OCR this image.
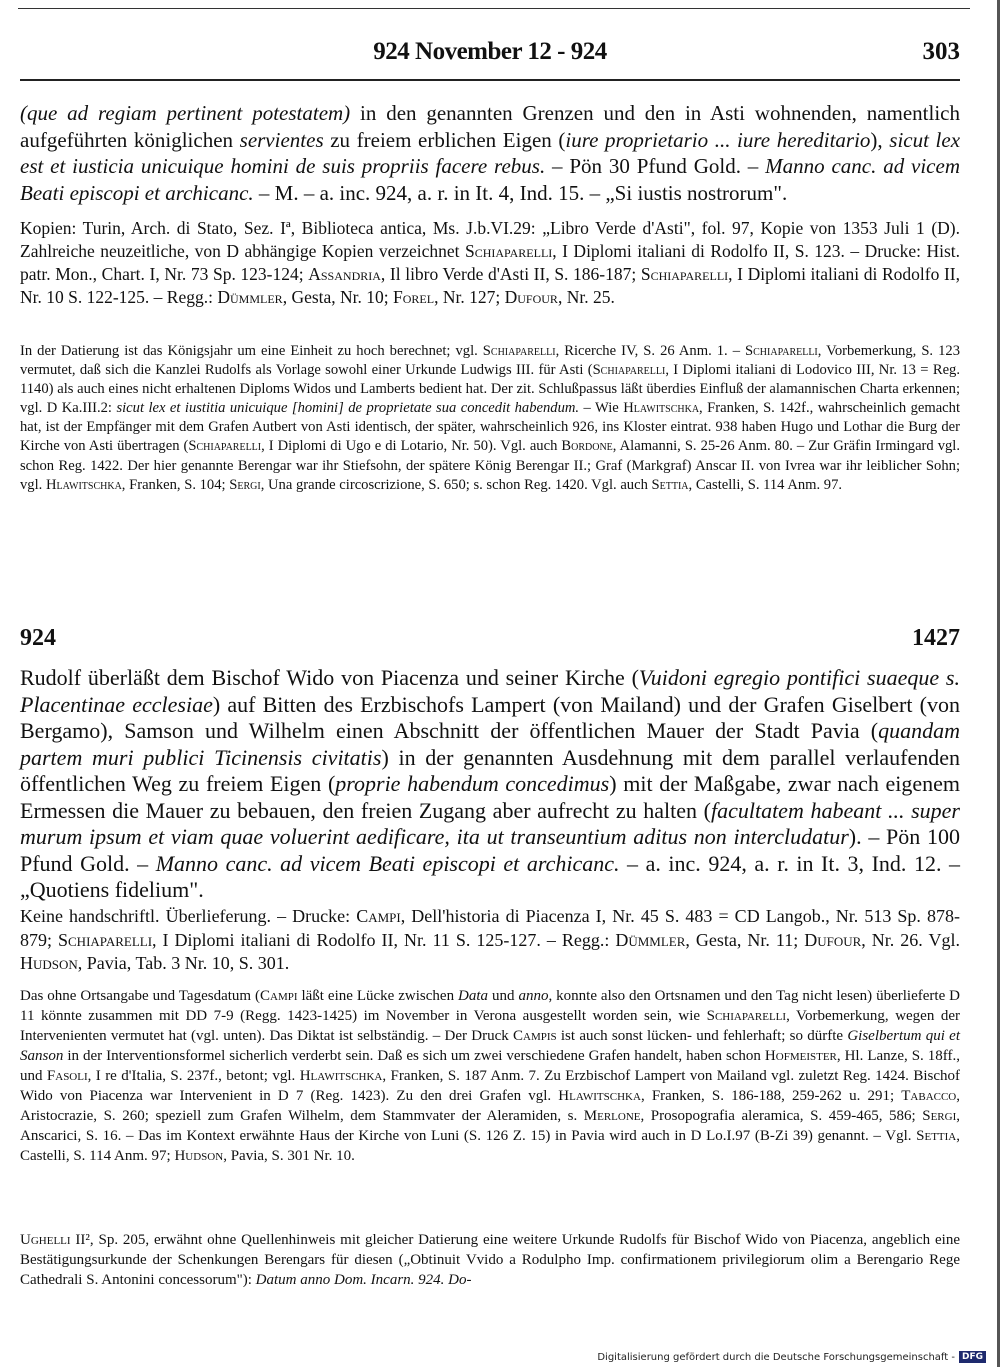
924 November 12 - 924	303

(que ad regiam pertinent potestatem) in den genannten Grenzen und den in Asti wohnenden, namentlich aufgeführten königlichen servientes zu freiem erblichen Eigen (iure proprietario ... iure hereditario), sicut lex est et iusticia unicuique homini de suis propriis facere rebus. – Pön 30 Pfund Gold. – Manno canc. ad vicem Beati episcopi et archicanc. – M. – a. inc. 924, a. r. in It. 4, Ind. 15. – „Si iustis nostrorum".

Kopien: Turin, Arch. di Stato, Sez. Iª, Biblioteca antica, Ms. J.b.VI.29: „Libro Verde d'Asti", fol. 97, Kopie von 1353 Juli 1 (D). Zahlreiche neuzeitliche, von D abhängige Kopien verzeichnet Schiaparelli, I Diplomi italiani di Rodolfo II, S. 123. – Drucke: Hist. patr. Mon., Chart. I, Nr. 73 Sp. 123-124; Assandria, Il libro Verde d'Asti II, S. 186-187; Schiaparelli, I Diplomi italiani di Rodolfo II, Nr. 10 S. 122-125. – Regg.: Dümmler, Gesta, Nr. 10; Forel, Nr. 127; Dufour, Nr. 25.

In der Datierung ist das Königsjahr um eine Einheit zu hoch berechnet; vgl. Schiaparelli, Ricerche IV, S. 26 Anm. 1. – Schiaparelli, Vorbemerkung, S. 123 vermutet, daß sich die Kanzlei Rudolfs als Vorlage sowohl einer Urkunde Ludwigs III. für Asti (Schiaparelli, I Diplomi italiani di Lodovico III, Nr. 13 = Reg. 1140) als auch eines nicht erhaltenen Diploms Widos und Lamberts bedient hat. Der zit. Schlußpassus läßt überdies Einfluß der alamannischen Charta erkennen; vgl. D Ka.III.2: sicut lex et iustitia unicuique [homini] de proprietate sua concedit habendum. – Wie Hlawitschka, Franken, S. 142f., wahrscheinlich gemacht hat, ist der Empfänger mit dem Grafen Autbert von Asti identisch, der später, wahrscheinlich 926, ins Kloster eintrat. 938 haben Hugo und Lothar die Burg der Kirche von Asti übertragen (Schiaparelli, I Diplomi di Ugo e di Lotario, Nr. 50). Vgl. auch Bordone, Alamanni, S. 25-26 Anm. 80. – Zur Gräfin Irmingard vgl. schon Reg. 1422. Der hier genannte Berengar war ihr Stiefsohn, der spätere König Berengar II.; Graf (Markgraf) Anscar II. von Ivrea war ihr leiblicher Sohn; vgl. Hlawitschka, Franken, S. 104; Sergi, Una grande circoscrizione, S. 650; s. schon Reg. 1420. Vgl. auch Settia, Castelli, S. 114 Anm. 97.

924	1427

Rudolf überläßt dem Bischof Wido von Piacenza und seiner Kirche (Vuidoni egregio pontifici suaeque s. Placentinae ecclesiae) auf Bitten des Erzbischofs Lampert (von Mailand) und der Grafen Giselbert (von Bergamo), Samson und Wilhelm einen Abschnitt der öffentlichen Mauer der Stadt Pavia (quandam partem muri publici Ticinensis civitatis) in der genannten Ausdehnung mit dem parallel verlaufenden öffentlichen Weg zu freiem Eigen (proprie habendum concedimus) mit der Maßgabe, zwar nach eigenem Ermessen die Mauer zu bebauen, den freien Zugang aber aufrecht zu halten (facultatem habeant ... super murum ipsum et viam quae voluerint aedificare, ita ut transeuntium aditus non intercludatur). – Pön 100 Pfund Gold. – Manno canc. ad vicem Beati episcopi et archicanc. – a. inc. 924, a. r. in It. 3, Ind. 12. – „Quotiens fidelium".

Keine handschriftl. Überlieferung. – Drucke: Campi, Dell'historia di Piacenza I, Nr. 45 S. 483 = CD Langob., Nr. 513 Sp. 878-879; Schiaparelli, I Diplomi italiani di Rodolfo II, Nr. 11 S. 125-127. – Regg.: Dümmler, Gesta, Nr. 11; Dufour, Nr. 26. Vgl. Hudson, Pavia, Tab. 3 Nr. 10, S. 301.

Das ohne Ortsangabe und Tagesdatum (Campi läßt eine Lücke zwischen Data und anno, konnte also den Ortsnamen und den Tag nicht lesen) überlieferte D 11 könnte zusammen mit DD 7-9 (Regg. 1423-1425) im November in Verona ausgestellt worden sein, wie Schiaparelli, Vorbemerkung, wegen der Intervenienten vermutet hat (vgl. unten). Das Diktat ist selbständig. – Der Druck Campis ist auch sonst lücken- und fehlerhaft; so dürfte Giselbertum qui et Sanson in der Interventionsformel sicherlich verderbt sein. Daß es sich um zwei verschiedene Grafen handelt, haben schon Hofmeister, Hl. Lanze, S. 18ff., und Fasoli, I re d'Italia, S. 237f., betont; vgl. Hlawitschka, Franken, S. 187 Anm. 7. Zu Erzbischof Lampert von Mailand vgl. zuletzt Reg. 1424. Bischof Wido von Piacenza war Intervenient in D 7 (Reg. 1423). Zu den drei Grafen vgl. Hlawitschka, Franken, S. 186-188, 259-262 u. 291; Tabacco, Aristocrazie, S. 260; speziell zum Grafen Wilhelm, dem Stammvater der Aleramiden, s. Merlone, Prosopografia aleramica, S. 459-465, 586; Sergi, Anscarici, S. 16. – Das im Kontext erwähnte Haus der Kirche von Luni (S. 126 Z. 15) in Pavia wird auch in D Lo.I.97 (B-Zi 39) genannt. – Vgl. Settia, Castelli, S. 114 Anm. 97; Hudson, Pavia, S. 301 Nr. 10.

Ughelli II², Sp. 205, erwähnt ohne Quellenhinweis mit gleicher Datierung eine weitere Urkunde Rudolfs für Bischof Wido von Piacenza, angeblich eine Bestätigungsurkunde der Schenkungen Berengars für diesen („Obtinuit Vvido a Rodulpho Imp. confirmationem privilegiorum olim a Berengario Rege Cathedrali S. Antonini concessorum"): Datum anno Dom. Incarn. 924. Do-

Digitalisierung gefördert durch die Deutsche Forschungsgemeinschaft - DFG
